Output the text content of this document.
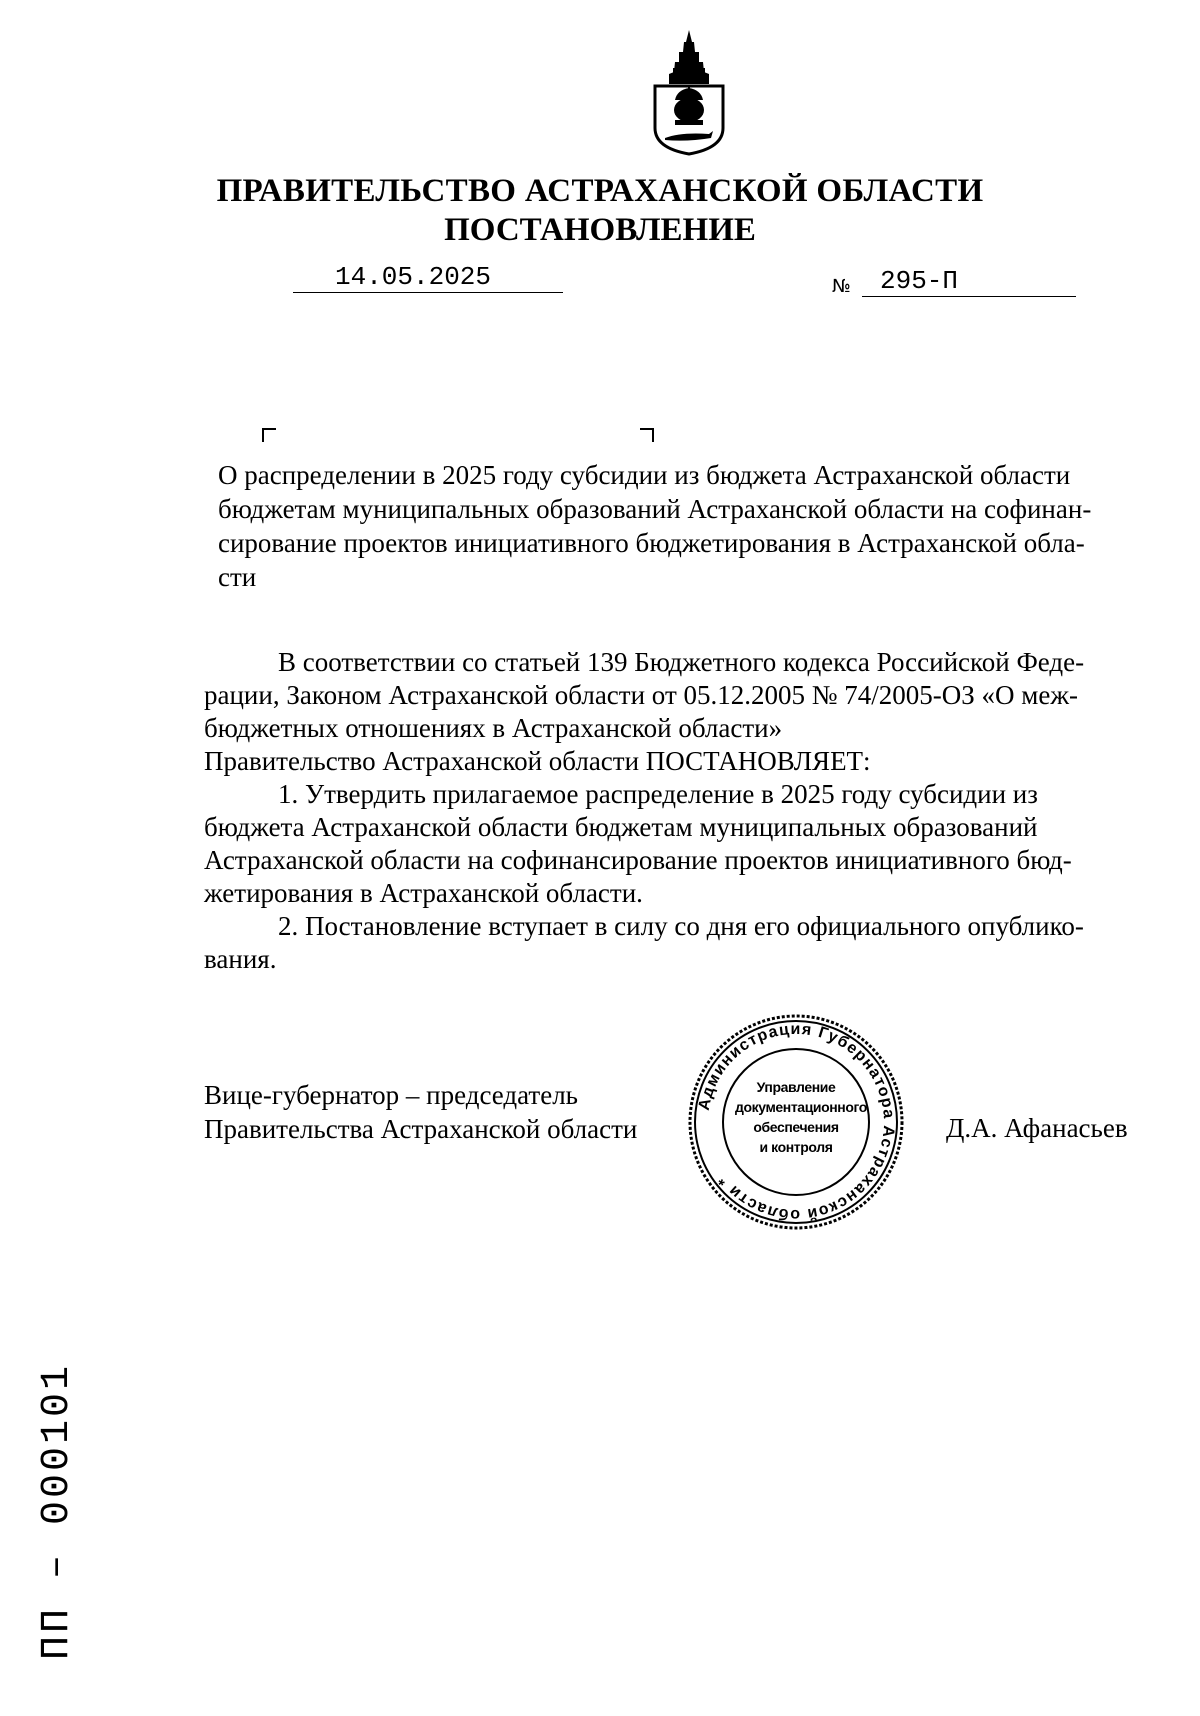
ПРАВИТЕЛЬСТВО АСТРАХАНСКОЙ ОБЛАСТИ
ПОСТАНОВЛЕНИЕ
14.05.2025	№ 295-П
О распределении в 2025 году субсидии из бюджета Астраханской области
бюджетам муниципальных образований Астраханской области на софинан-
сирование проектов инициативного бюджетирования в Астраханской обла-
сти
В соответствии со статьей 139 Бюджетного кодекса Российской Феде-
рации, Законом Астраханской области от 05.12.2005 № 74/2005-ОЗ «О меж-
бюджетных отношениях в Астраханской области»
Правительство Астраханской области ПОСТАНОВЛЯЕТ:
1. Утвердить прилагаемое распределение в 2025 году субсидии из
бюджета Астраханской области бюджетам муниципальных образований
Астраханской области на софинансирование проектов инициативного бюд-
жетирования в Астраханской области.
2. Постановление вступает в силу со дня его официального опублико-
вания.
Вице-губернатор – председатель
Правительства Астраханской области
Администрация Губернатора Астраханской области *
Управление
документационного
обеспечения
и контроля
Д.А. Афанасьев
ПП – 000101
